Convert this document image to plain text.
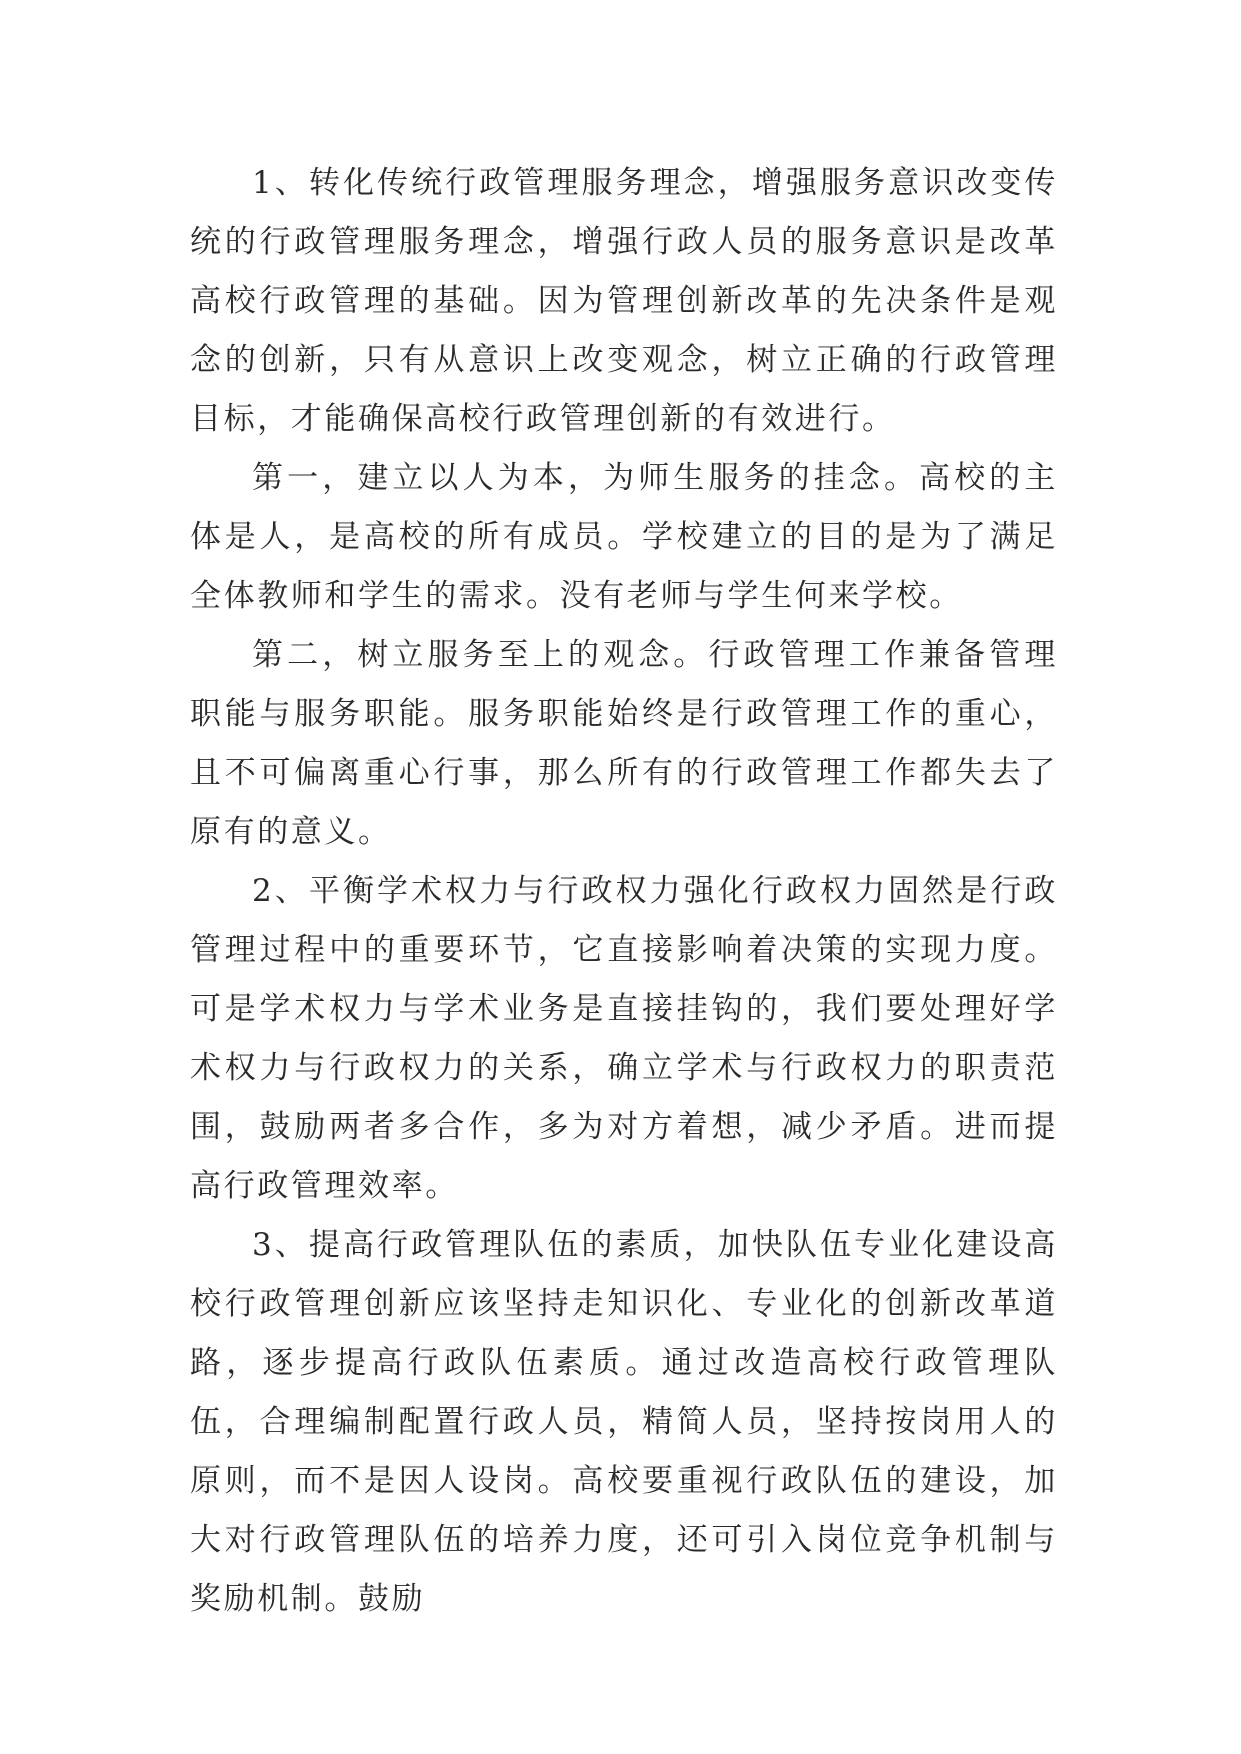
1、转化传统行政管理服务理念，增强服务意识改变传统的行政管理服务理念，增强行政人员的服务意识是改革高校行政管理的基础。因为管理创新改革的先决条件是观念的创新，只有从意识上改变观念，树立正确的行政管理目标，才能确保高校行政管理创新的有效进行。

第一，建立以人为本，为师生服务的挂念。高校的主体是人，是高校的所有成员。学校建立的目的是为了满足全体教师和学生的需求。没有老师与学生何来学校。

第二，树立服务至上的观念。行政管理工作兼备管理职能与服务职能。服务职能始终是行政管理工作的重心，且不可偏离重心行事，那么所有的行政管理工作都失去了原有的意义。

2、平衡学术权力与行政权力强化行政权力固然是行政管理过程中的重要环节，它直接影响着决策的实现力度。可是学术权力与学术业务是直接挂钩的，我们要处理好学术权力与行政权力的关系，确立学术与行政权力的职责范围，鼓励两者多合作，多为对方着想，减少矛盾。进而提高行政管理效率。

3、提高行政管理队伍的素质，加快队伍专业化建设高校行政管理创新应该坚持走知识化、专业化的创新改革道路，逐步提高行政队伍素质。通过改造高校行政管理队伍，合理编制配置行政人员，精简人员，坚持按岗用人的原则，而不是因人设岗。高校要重视行政队伍的建设，加大对行政管理队伍的培养力度，还可引入岗位竞争机制与奖励机制。鼓励
